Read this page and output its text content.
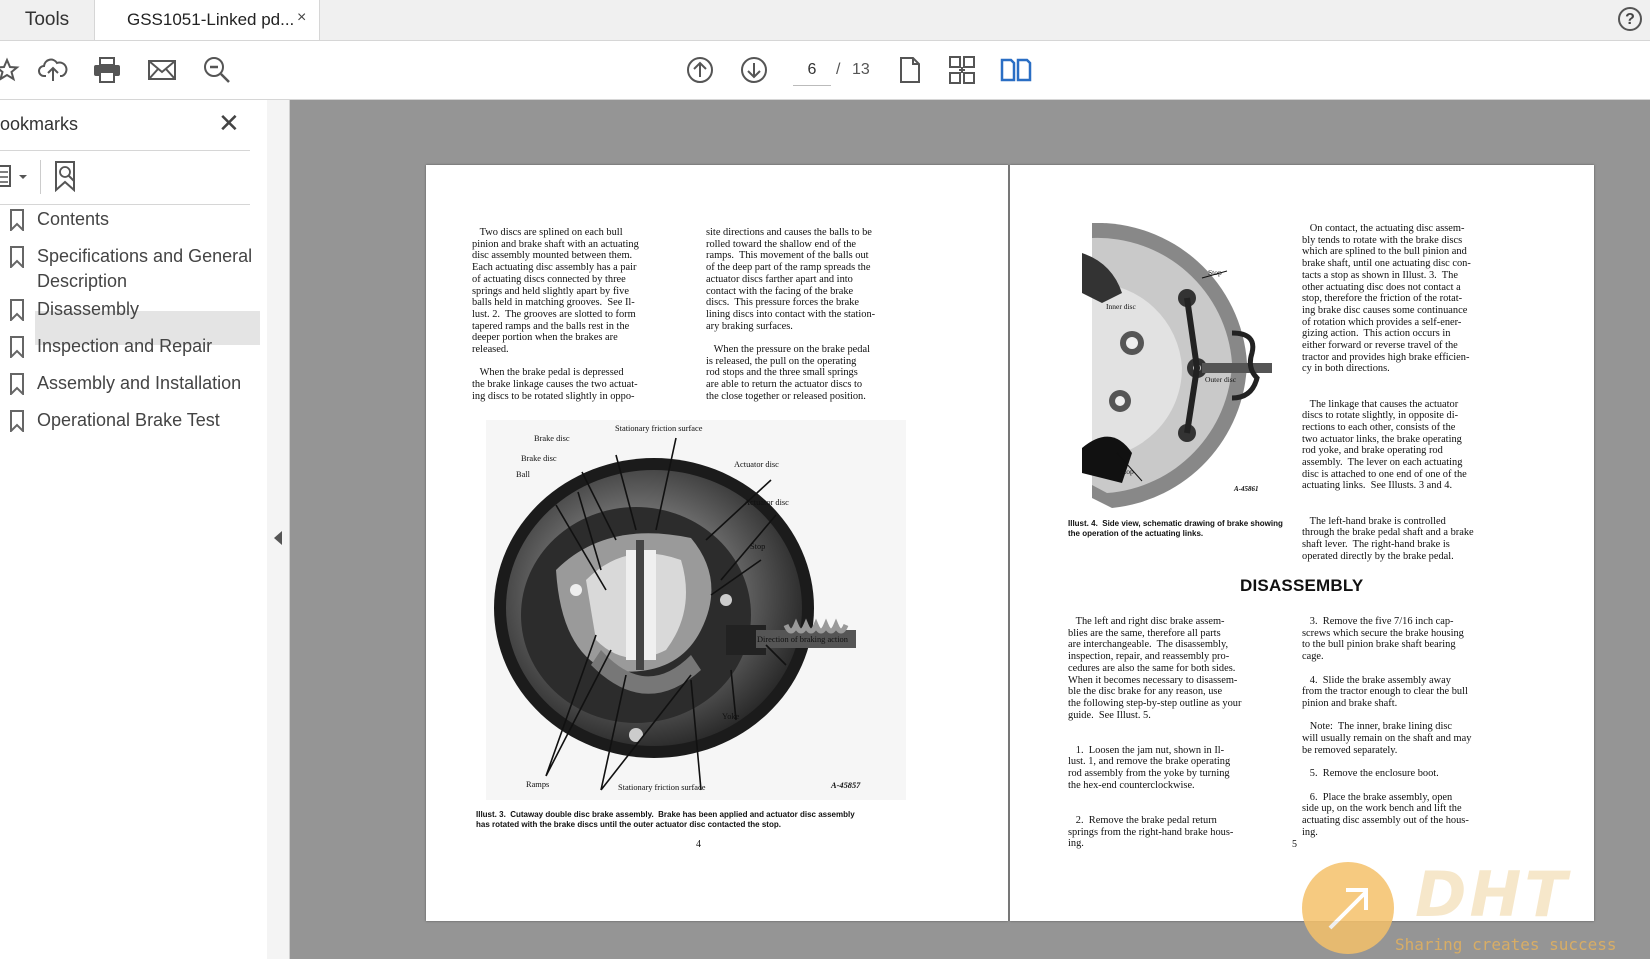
Tools	GSS1051-Linked pd... ×	?
6	/ 13
ookmarks	✕
Contents
Specifications and General Description
Disassembly
Inspection and Repair
Assembly and Installation
Operational Brake Test
Two discs are splined on each bull
pinion and brake shaft with an actuating
disc assembly mounted between them.
Each actuating disc assembly has a pair
of actuating discs connected by three
springs and held slightly apart by five
balls held in matching grooves.  See Il-
lust. 2.  The grooves are slotted to form
tapered ramps and the balls rest in the
deeper portion when the brakes are
released.

When the brake pedal is depressed
the brake linkage causes the two actuat-
ing discs to be rotated slightly in oppo-
site directions and causes the balls to be
rolled toward the shallow end of the
ramps.  This movement of the balls out
of the deep part of the ramp spreads the
actuator discs farther apart and into
contact with the facing of the brake
discs.  This pressure forces the brake
lining discs into contact with the station-
ary braking surfaces.

When the pressure on the brake pedal
is released, the pull on the operating
rod stops and the three small springs
are able to return the actuator discs to
the close together or released position.
Stationary friction surface
Brake disc
Brake disc
Ball
Actuator disc
Actuator disc
Stop
Direction of braking action
Yoke
Ramps	Stationary friction surface	A-45857
Illust. 3.  Cutaway double disc brake assembly.  Brake has been applied and actuator disc assembly
has rotated with the brake discs until the outer actuator disc contacted the stop.
4
Stop
Inner disc
Outer disc
Stop
A-45861
Illust. 4.  Side view, schematic drawing of brake showing
the operation of the actuating links.
On contact, the actuating disc assem-
bly tends to rotate with the brake discs
which are splined to the bull pinion and
brake shaft, until one actuating disc con-
tacts a stop as shown in Illust. 3.  The
other actuating disc does not contact a
stop, therefore the friction of the rotat-
ing brake disc causes some continuance
of rotation which provides a self-ener-
gizing action.  This action occurs in
either forward or reverse travel of the
tractor and provides high brake efficien-
cy in both directions.

The linkage that causes the actuator
discs to rotate slightly, in opposite di-
rections to each other, consists of the
two actuator links, the brake operating
rod yoke, and brake operating rod
assembly.  The lever on each actuating
disc is attached to one end of one of the
actuating links.  See Illusts. 3 and 4.

The left-hand brake is controlled
through the brake pedal shaft and a brake
shaft lever.  The right-hand brake is
operated directly by the brake pedal.
DISASSEMBLY
The left and right disc brake assem-
blies are the same, therefore all parts
are interchangeable.  The disassembly,
inspection, repair, and reassembly pro-
cedures are also the same for both sides.
When it becomes necessary to disassem-
ble the disc brake for any reason, use
the following step-by-step outline as your
guide.  See Illust. 5.

1.  Loosen the jam nut, shown in Il-
lust. 1, and remove the brake operating
rod assembly from the yoke by turning
the hex-end counterclockwise.

2.  Remove the brake pedal return
springs from the right-hand brake hous-
ing.
3.  Remove the five 7/16 inch cap-
screws which secure the brake housing
to the bull pinion brake shaft bearing
cage.

4.  Slide the brake assembly away
from the tractor enough to clear the bull
pinion and brake shaft.

Note:  The inner, brake lining disc
will usually remain on the shaft and may
be removed separately.

5.  Remove the enclosure boot.

6.  Place the brake assembly, open
side up, on the work bench and lift the
actuating disc assembly out of the hous-
ing.
5
DHT
Sharing creates success
